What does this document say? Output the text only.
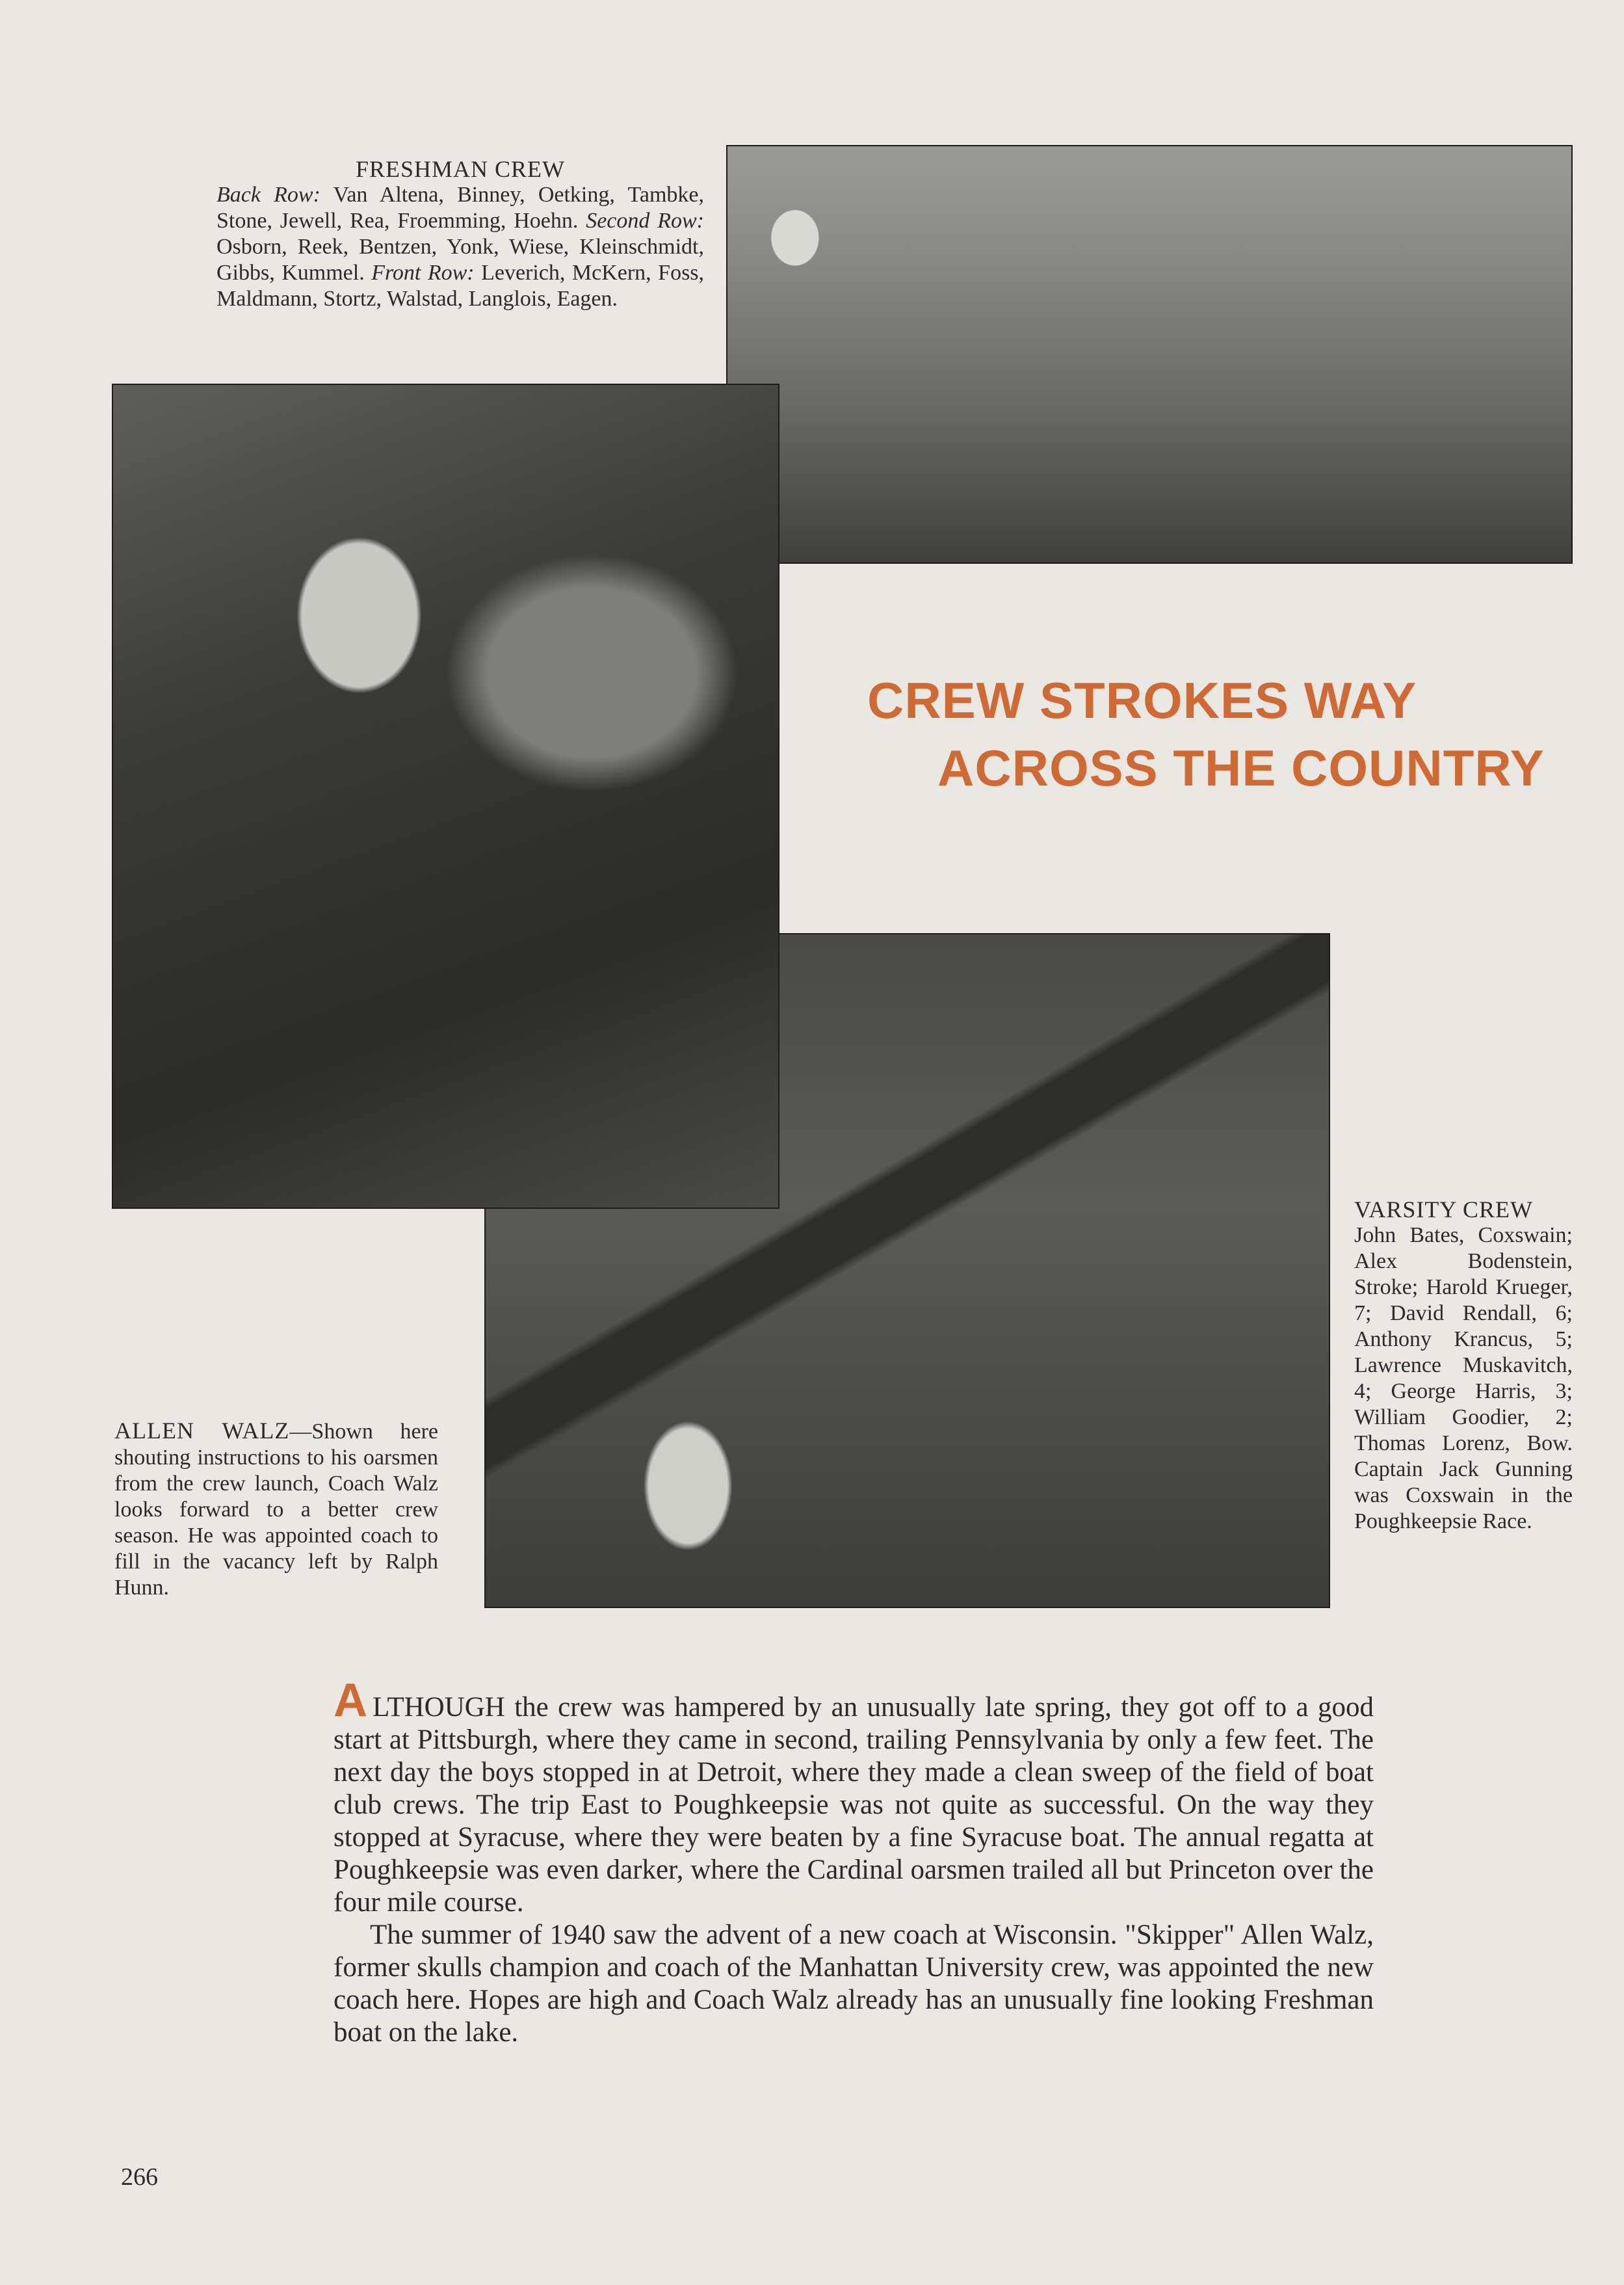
FRESHMAN CREW
Back Row: Van Altena, Binney, Oetking, Tambke, Stone, Jewell, Rea, Froemming, Hoehn. Second Row: Osborn, Reek, Bentzen, Yonk, Wiese, Kleinschmidt, Gibbs, Kummel. Front Row: Leverich, McKern, Foss, Maldmann, Stortz, Walstad, Langlois, Eagen.
CREW STROKES WAY
ACROSS THE COUNTRY
ALLEN WALZ—Shown here shouting instructions to his oarsmen from the crew launch, Coach Walz looks forward to a better crew season. He was appointed coach to fill in the vacancy left by Ralph Hunn.
VARSITY CREW
John Bates, Coxswain; Alex Bodenstein, Stroke; Harold Krueger, 7; David Rendall, 6; Anthony Krancus, 5; Lawrence Muskavitch, 4; George Harris, 3; William Goodier, 2; Thomas Lorenz, Bow. Captain Jack Gunning was Coxswain in the Poughkeepsie Race.

ALTHOUGH the crew was hampered by an unusually late spring, they got off to a good start at Pittsburgh, where they came in second, trailing Pennsylvania by only a few feet. The next day the boys stopped in at Detroit, where they made a clean sweep of the field of boat club crews. The trip East to Poughkeepsie was not quite as successful. On the way they stopped at Syracuse, where they were beaten by a fine Syracuse boat. The annual regatta at Poughkeepsie was even darker, where the Cardinal oarsmen trailed all but Princeton over the four mile course.

The summer of 1940 saw the advent of a new coach at Wisconsin. "Skipper" Allen Walz, former skulls champion and coach of the Manhattan University crew, was appointed the new coach here. Hopes are high and Coach Walz already has an unusually fine looking Freshman boat on the lake.

266
